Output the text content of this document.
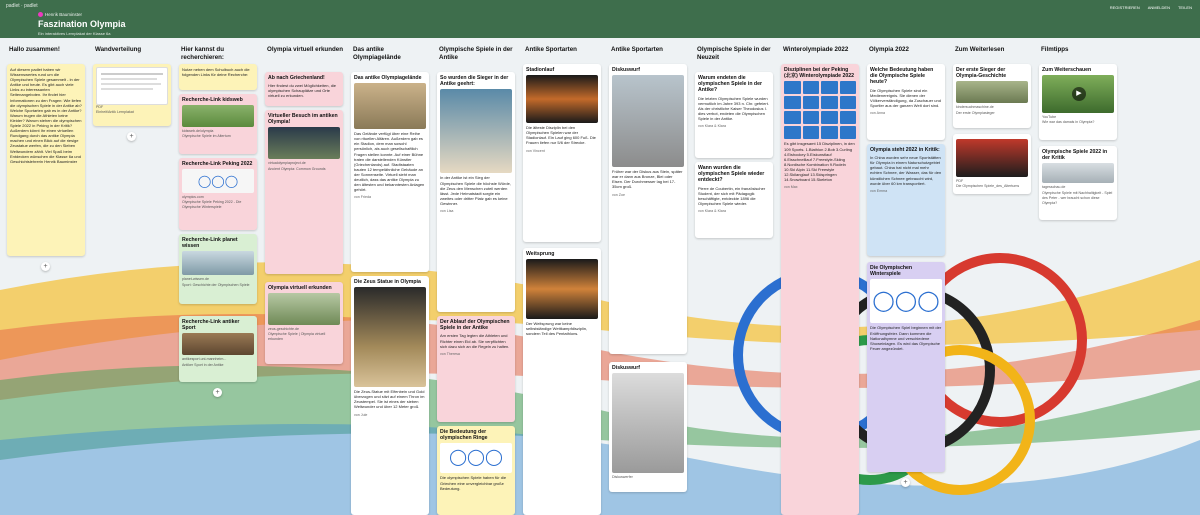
padlet · padlet
Henrik Bauminster
Faszination Olympia
Ein interaktives Lernplakat der Klasse 6a
REGISTRIEREN ANMELDEN TEILEN
Hallo zusammen!
Auf diesem padlet haben wir Wissenswertes rund um die Olympischen Spiele gesammelt - in der Antike und heute. Es gibt auch viele Links zu interessanten Seitenangeboten. Ihr findet hier Informationen zu den Fragen: Wie liefen die olympischen Spiele in der Antike ab? Welche Sportarten gab es in der Antike? Warum trugen die Athleten keine Kleider? Warum stehen die olympischen Spiele 2022 in Peking in der Kritik? Außerdem könnt Ihr einen virtuellen Rundgang durch das antike Olympia machen und einen Blick auf die riesige Zeustatue werfen, die zu den Sieben Weltwundern zählt. Viel Spaß beim Entdecken wünschen die Klasse 6a und Geschichtslehrerin Henrik Bauminster
+
Wandverteilung
PDF
Einheit/Antik Lernplakat
+
Hier kannst du recherchieren:
Nutze neben dem Schulbuch auch die folgenden Links für deine Recherche:
Recherche-Link kidsweb
kidsweb.de/olympia
Olympische Spiele im Altertum
Recherche-Link Peking 2022
◯◯◯
olympics.com
Olympische Spiele Peking 2022 - Die Olympische Winterspiele
Recherche-Link planet wissen
planet-wissen.de
Sport: Geschichte der Olympischen Spiele
Recherche-Link antiker Sport
antikesport.uni-mannheim...
Antiker Sport in der Antike
+
Olympia virtuell erkunden
Ab nach Griechenland!
Hier findest du zwei Möglichkeiten, die olympischen Schauplätze und Orte virtuell zu erkunden.
Virtueller Besuch im antiken Olympia!
virtualolympiaproject.de
Ancient Olympia: Common Grounds
Olympia virtuell erkunden
zeus-geschichte.de
Olympische Spiele | Olympia virtuell erkunden
Das antike Olympiagelände
Das antike Olympiagelände
Das Gelände verfügt über eine Reihe von rituellen Altären. Außerdem gab es ein Stadion, dem man sowohl persönlich, als auch gesellschaftlich Fragen stellen konnte. Auf einer Bühne traten die darstellenden Künstler (Griechenlands) auf. Stadtstaaten bauten 12 tempelähnliche Gebäude an der Sonnenseite. Virtuell sieht man deutlich, dass das antike Olympia zu den ältesten und bekanntesten Anlagen gehört.
von Frieda
Die Zeus Statue in Olympia
Die Zeus-Statue mit Elfenbein und Gold überzogen und sitzt auf einem Thron im Zeustempel. Sie ist eines der sieben Weltwunder und über 12 Meter groß.
von Jule
Olympische Spiele in der Antike
So wurden die Sieger in der Antike geehrt:
In der Antike ist ein Sieg der Olympischen Spiele die höchste Würde, die Zeus den Menschen zuteil werden lässt. Jede Heimatstadt sorgte ein zweites oder dritter Platz gab es keine Gewinner.
von Lisa
Der Ablauf der Olympischen Spiele in der Antike
Am ersten Tag legten die Athleten und Richter einen Eid ab. Sie verpflichten sich dazu sich an die Regeln zu halten.
von Theresa
Die Bedeutung der olympischen Ringe
◯◯◯
Die olympischen Spiele haben für die Griechen eine unvergleichbar große Bedeutung.
Antike Sportarten
Stadionlauf
Die älteste Disziplin bei den Olympischen Spielen war der Stadionlauf. Ein Lauf ging 600 Fuß. Die Frauen liefen nur 5/6 der Strecke.
von Vincent
Weitsprung
Der Weitsprung war keine selbstständige Wettkampfdisziplin, sondern Teil des Pentathlons.
Antike Sportarten
Diskuswurf
Früher war der Diskus aus Stein, später war er dann aus Bronze, Blei oder Eisen. Der Durchmesser lag bei 17-35cm groß.
von Zoe
Diskuswurf
Diskuswerfer
Olympische Spiele in der Neuzeit
Warum endeten die olympischen Spiele in der Antike?
Die letzten Olympischen Spiele wurden vermutlich im Jahre 393 n. Chr. gefeiert. Als der christliche Kaiser Theodosius I. dies verbot, endeten die Olympischen Spiele in der Antike.
von Klara & Klara
Wann wurden die olympischen Spiele wieder entdeckt?
Pierre de Coubertin, ein französischer Student, der sich mit Pädagogik beschäftigte, entdeckte 1896 die Olympischen Spiele wieder.
von Klara & Klara
Winterolympiade 2022
Disziplinen bei der Peking (北京) Winterolympiade 2022
Es gibt insgesamt 15 Disziplinen, in den 109 Sports. 1.Biathlon 2.Bob 3.Curling 4.Eishockey 5.Eiskunstlauf 6.Eisschnelllauf 7.Freestyle-Skiing 8.Nordische Kombination 9.Rodeln 10.Ski Alpin 11.Ski Freestyle 12.Skilanglauf 13.Skispringen 14.Snowboard 15.Skeleton
von Max
Olympia 2022
Welche Bedeutung haben die Olympische Spiele heute?
Die Olympischen Spiele sind ein Medienereignis. Sie dienen der Völkerverständigung, da Zuschauer und Sportler aus der ganzen Welt dort sind.
von Anna
Olympia steht 2022 in Kritik:
In China wurden sehr neue Sportstätten für Olympia in einem Naturschutzgebiet gebaut. China hat nicht mal mehr echten Schnee, der Wasser, das für den künstlichen Schnee gebraucht wird, wurde über 60 km transportiert.
von Emma
Die Olympischen Winterspiele
◯◯◯
Die Olympischen Spiel beginnen mit der Eröffnungsfeier. Dann kommen die Nationalhymne und verschiedene Showeinlagen. Es wird das Olympische Feuer angezündet.
+
Zum Weiterlesen
Der erste Sieger der Olympia-Geschichte
kindersuchmaschine.de
Der erste Olympiasieger
PDF
Die Olympischen Spiele_des_Altertums
Filmtipps
Zum Weiterschauen
▶
YouTube
Wie war das damals in Olympia?
Olympische Spiele 2022 in der Kritik
tagesschau.de
Olympische Spiele mit Nachhaltigkeit - Spiel des Peter - wer braucht schon diese Olympia?
